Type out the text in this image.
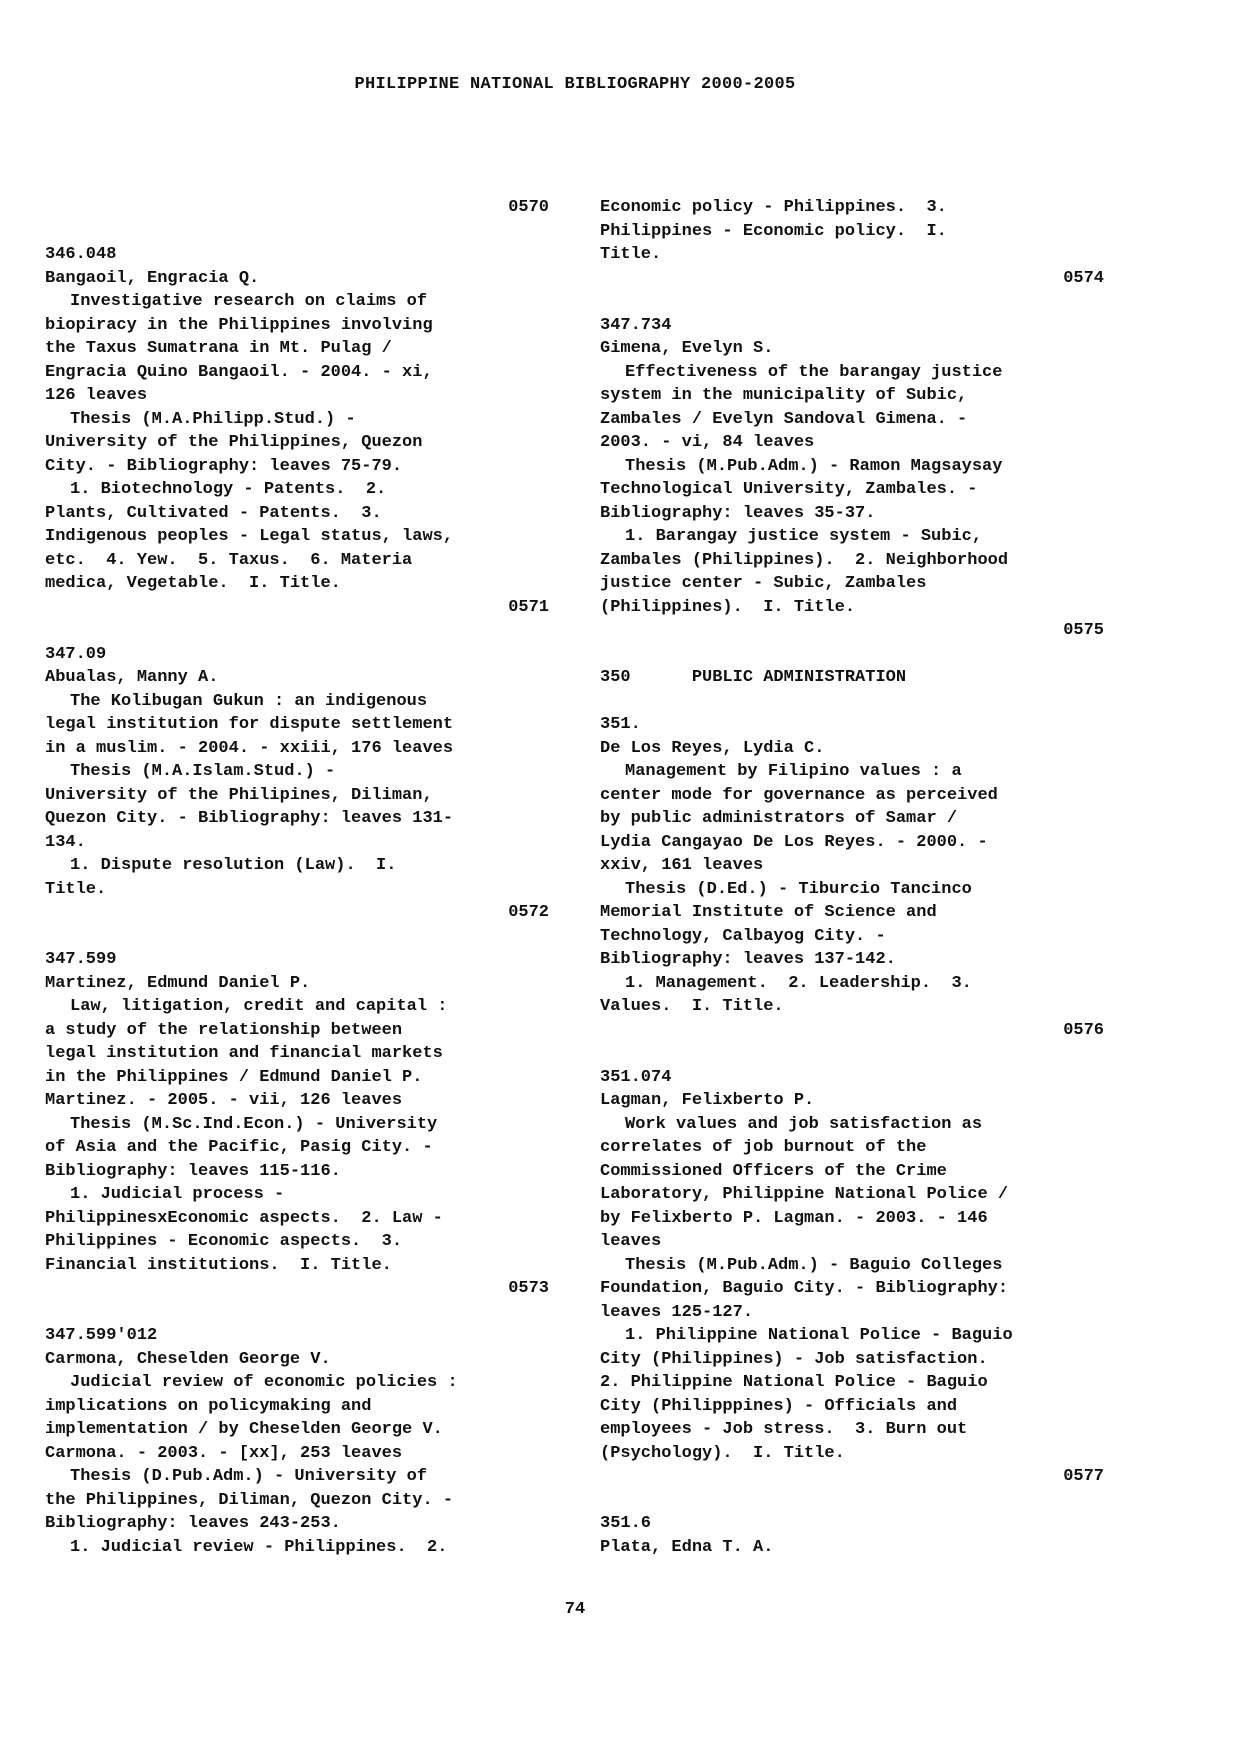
PHILIPPINE NATIONAL BIBLIOGRAPHY 2000-2005
0570
346.048
Bangaoil, Engracia Q.
Investigative research on claims of
biopiracy in the Philippines involving
the Taxus Sumatrana in Mt. Pulag /
Engracia Quino Bangaoil. - 2004. - xi,
126 leaves
Thesis (M.A.Philipp.Stud.) -
University of the Philippines, Quezon
City. - Bibliography: leaves 75-79.
1. Biotechnology - Patents.  2.
Plants, Cultivated - Patents.  3.
Indigenous peoples - Legal status, laws,
etc.  4. Yew.  5. Taxus.  6. Materia
medica, Vegetable.  I. Title.
0571
347.09
Abualas, Manny A.
The Kolibugan Gukun : an indigenous
legal institution for dispute settlement
in a muslim. - 2004. - xxiii, 176 leaves
Thesis (M.A.Islam.Stud.) -
University of the Philipines, Diliman,
Quezon City. - Bibliography: leaves 131-
134.
1. Dispute resolution (Law).  I.
Title.
0572
347.599
Martinez, Edmund Daniel P.
Law, litigation, credit and capital :
a study of the relationship between
legal institution and financial markets
in the Philippines / Edmund Daniel P.
Martinez. - 2005. - vii, 126 leaves
Thesis (M.Sc.Ind.Econ.) - University
of Asia and the Pacific, Pasig City. -
Bibliography: leaves 115-116.
1. Judicial process -
PhilippinesxEconomic aspects.  2. Law -
Philippines - Economic aspects.  3.
Financial institutions.  I. Title.
0573
347.599'012
Carmona, Cheselden George V.
Judicial review of economic policies :
implications on policymaking and
implementation / by Cheselden George V.
Carmona. - 2003. - [xx], 253 leaves
Thesis (D.Pub.Adm.) - University of
the Philippines, Diliman, Quezon City. -
Bibliography: leaves 243-253.
1. Judicial review - Philippines.  2.
Economic policy - Philippines.  3.
Philippines - Economic policy.  I.
Title.
0574
347.734
Gimena, Evelyn S.
Effectiveness of the barangay justice
system in the municipality of Subic,
Zambales / Evelyn Sandoval Gimena. -
2003. - vi, 84 leaves
Thesis (M.Pub.Adm.) - Ramon Magsaysay
Technological University, Zambales. -
Bibliography: leaves 35-37.
1. Barangay justice system - Subic,
Zambales (Philippines).  2. Neighborhood
justice center - Subic, Zambales
(Philippines).  I. Title.
0575
350      PUBLIC ADMINISTRATION
351.
De Los Reyes, Lydia C.
Management by Filipino values : a
center mode for governance as perceived
by public administrators of Samar /
Lydia Cangayao De Los Reyes. - 2000. -
xxiv, 161 leaves
Thesis (D.Ed.) - Tiburcio Tancinco
Memorial Institute of Science and
Technology, Calbayog City. -
Bibliography: leaves 137-142.
1. Management.  2. Leadership.  3.
Values.  I. Title.
0576
351.074
Lagman, Felixberto P.
Work values and job satisfaction as
correlates of job burnout of the
Commissioned Officers of the Crime
Laboratory, Philippine National Police /
by Felixberto P. Lagman. - 2003. - 146
leaves
Thesis (M.Pub.Adm.) - Baguio Colleges
Foundation, Baguio City. - Bibliography:
leaves 125-127.
1. Philippine National Police - Baguio
City (Philippines) - Job satisfaction.
2. Philippine National Police - Baguio
City (Philipppines) - Officials and
employees - Job stress.  3. Burn out
(Psychology).  I. Title.
0577
351.6
Plata, Edna T. A.
74
